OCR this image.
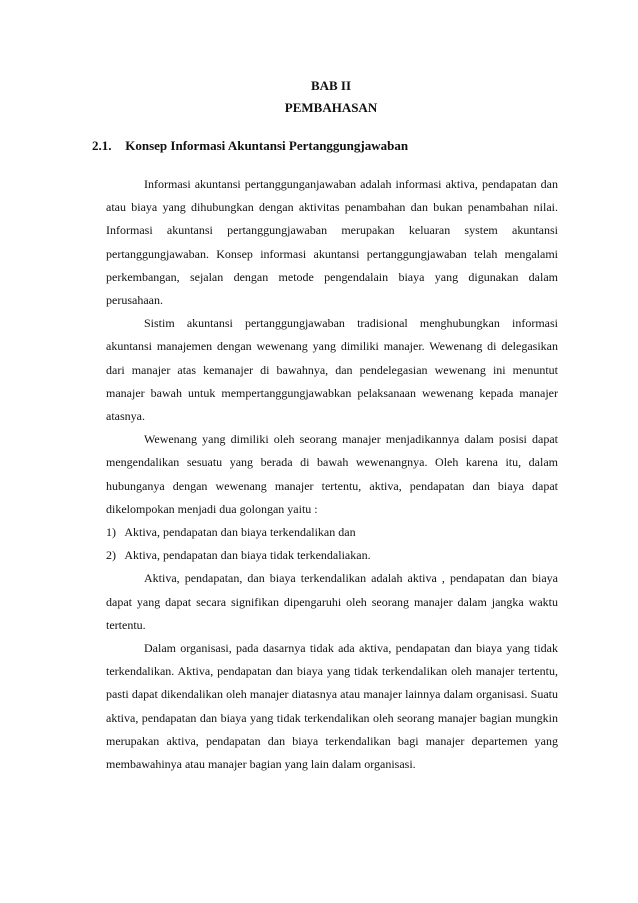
BAB II
PEMBAHASAN
2.1. Konsep Informasi Akuntansi Pertanggungjawaban

Informasi akuntansi pertanggunganjawaban adalah informasi aktiva, pendapatan dan atau biaya yang dihubungkan dengan aktivitas penambahan dan bukan penambahan nilai. Informasi akuntansi pertanggungjawaban merupakan keluaran system akuntansi pertanggungjawaban. Konsep informasi akuntansi pertanggungjawaban telah mengalami perkembangan, sejalan dengan metode pengendalain biaya yang digunakan dalam perusahaan.

Sistim akuntansi pertanggungjawaban tradisional menghubungkan informasi akuntansi manajemen dengan wewenang yang dimiliki manajer. Wewenang di delegasikan dari manajer atas kemanajer di bawahnya, dan pendelegasian wewenang ini menuntut manajer bawah untuk mempertanggungjawabkan pelaksanaan wewenang kepada manajer atasnya.

Wewenang yang dimiliki oleh seorang manajer menjadikannya dalam posisi dapat mengendalikan sesuatu yang berada di bawah wewenangnya. Oleh karena itu, dalam hubunganya dengan wewenang manajer tertentu, aktiva, pendapatan dan biaya dapat dikelompokan menjadi dua golongan yaitu :

1) Aktiva, pendapatan dan biaya terkendalikan dan
2) Aktiva, pendapatan dan biaya tidak terkendaliakan.

Aktiva, pendapatan, dan biaya terkendalikan adalah aktiva , pendapatan dan biaya dapat yang dapat secara signifikan dipengaruhi oleh seorang manajer dalam jangka waktu tertentu.

Dalam organisasi, pada dasarnya tidak ada aktiva, pendapatan dan biaya yang tidak terkendalikan. Aktiva, pendapatan dan biaya yang tidak terkendalikan oleh manajer tertentu, pasti dapat dikendalikan oleh manajer diatasnya atau manajer lainnya dalam organisasi. Suatu aktiva, pendapatan dan biaya yang tidak terkendalikan oleh seorang manajer bagian mungkin merupakan aktiva, pendapatan dan biaya terkendalikan bagi manajer departemen yang membawahinya atau manajer bagian yang lain dalam organisasi.
